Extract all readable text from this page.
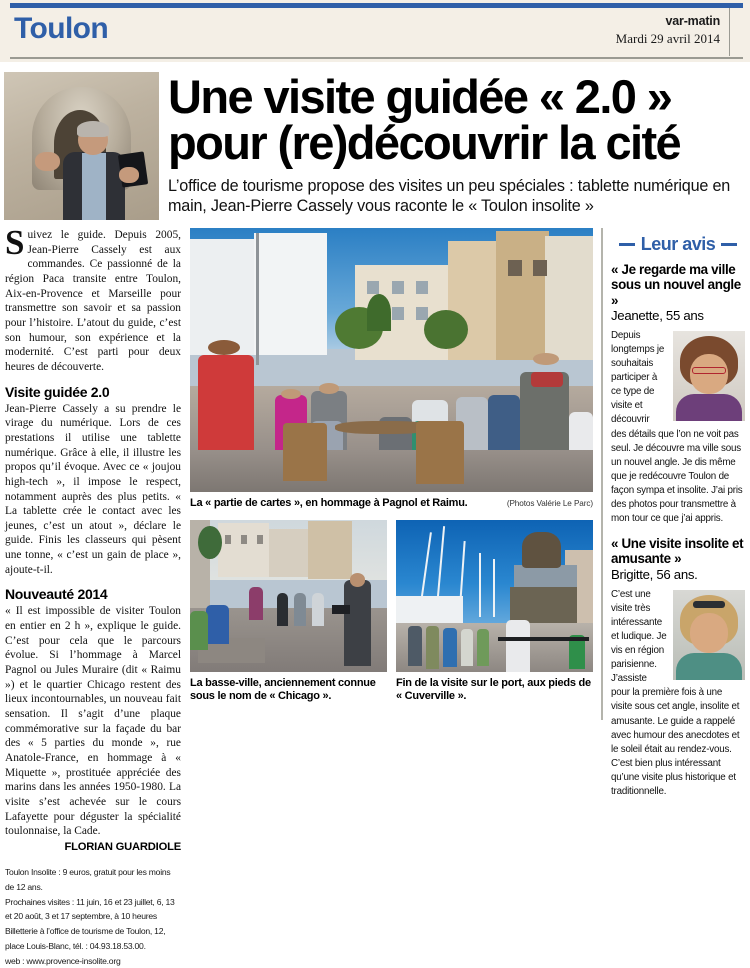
Toulon	var-matin
Mardi 29 avril 2014
Une visite guidée « 2.0 »
pour (re)découvrir la cité
L’office de tourisme propose des visites un peu spéciales : tablette numérique en main, Jean-Pierre Cassely vous raconte le « Toulon insolite »

Suivez le guide. Depuis 2005, Jean-Pierre Cassely est aux commandes. Ce passionné de la région Paca transite entre Toulon, Aix-en-Provence et Marseille pour transmettre son savoir et sa passion pour l’histoire. L’atout du guide, c’est son humour, son expérience et la modernité. C’est parti pour deux heures de découverte.

Visite guidée 2.0

Jean-Pierre Cassely a su prendre le virage du numérique. Lors de ces prestations il utilise une tablette numérique. Grâce à elle, il illustre les propos qu’il évoque. Avec ce « joujou high-tech », il impose le respect, notamment auprès des plus petits. « La tablette crée le contact avec les jeunes, c’est un atout », déclare le guide. Finis les classeurs qui pèsent une tonne, « c’est un gain de place », ajoute-t-il.

Nouveauté 2014

« Il est impossible de visiter Toulon en entier en 2 h », explique le guide. C’est pour cela que le parcours évolue. Si l’hommage à Marcel Pagnol ou Jules Muraire (dit « Raimu ») et le quartier Chicago restent des lieux incontournables, un nouveau fait sensation. Il s’agit d’une plaque commémorative sur la façade du bar des « 5 parties du monde », rue Anatole-France, en hommage à « Miquette », prostituée appréciée des marins dans les années 1950-1980. La visite s’est achevée sur le cours Lafayette pour déguster la spécialité toulonnaise, la Cade.

FLORIAN GUARDIOLE

Toulon Insolite : 9 euros, gratuit pour les moins de 12 ans.

Prochaines visites : 11 juin, 16 et 23 juillet, 6, 13 et 20 août, 3 et 17 septembre, à 10 heures

Billetterie à l’office de tourisme de Toulon, 12, place Louis-Blanc, tél. : 04.93.18.53.00.

web : www.provence-insolite.org

La « partie de cartes », en hommage à Pagnol et Raimu.	(Photos Valérie Le Parc)
La basse-ville, anciennement connue sous le nom de « Chicago ».
Fin de la visite sur le port, aux pieds de « Cuverville ».
Leur avis
« Je regarde ma ville sous un nouvel angle »
Jeanette, 55 ans
Depuis longtemps je souhaitais participer à ce type de visite et découvrir des détails que l’on ne voit pas seul. Je découvre ma ville sous un nouvel angle. Je dis même que je redécouvre Toulon de façon sympa et insolite. J’ai pris des photos pour transmettre à mon tour ce que j’ai appris.
« Une visite insolite et amusante »
Brigitte, 56 ans.
C’est une visite très intéressante et ludique. Je vis en région parisienne. J’assiste pour la première fois à une visite sous cet angle, insolite et amusante. Le guide a rappelé avec humour des anecdotes et le soleil était au rendez-vous. C’est bien plus intéressant qu’une visite plus historique et traditionnelle.
